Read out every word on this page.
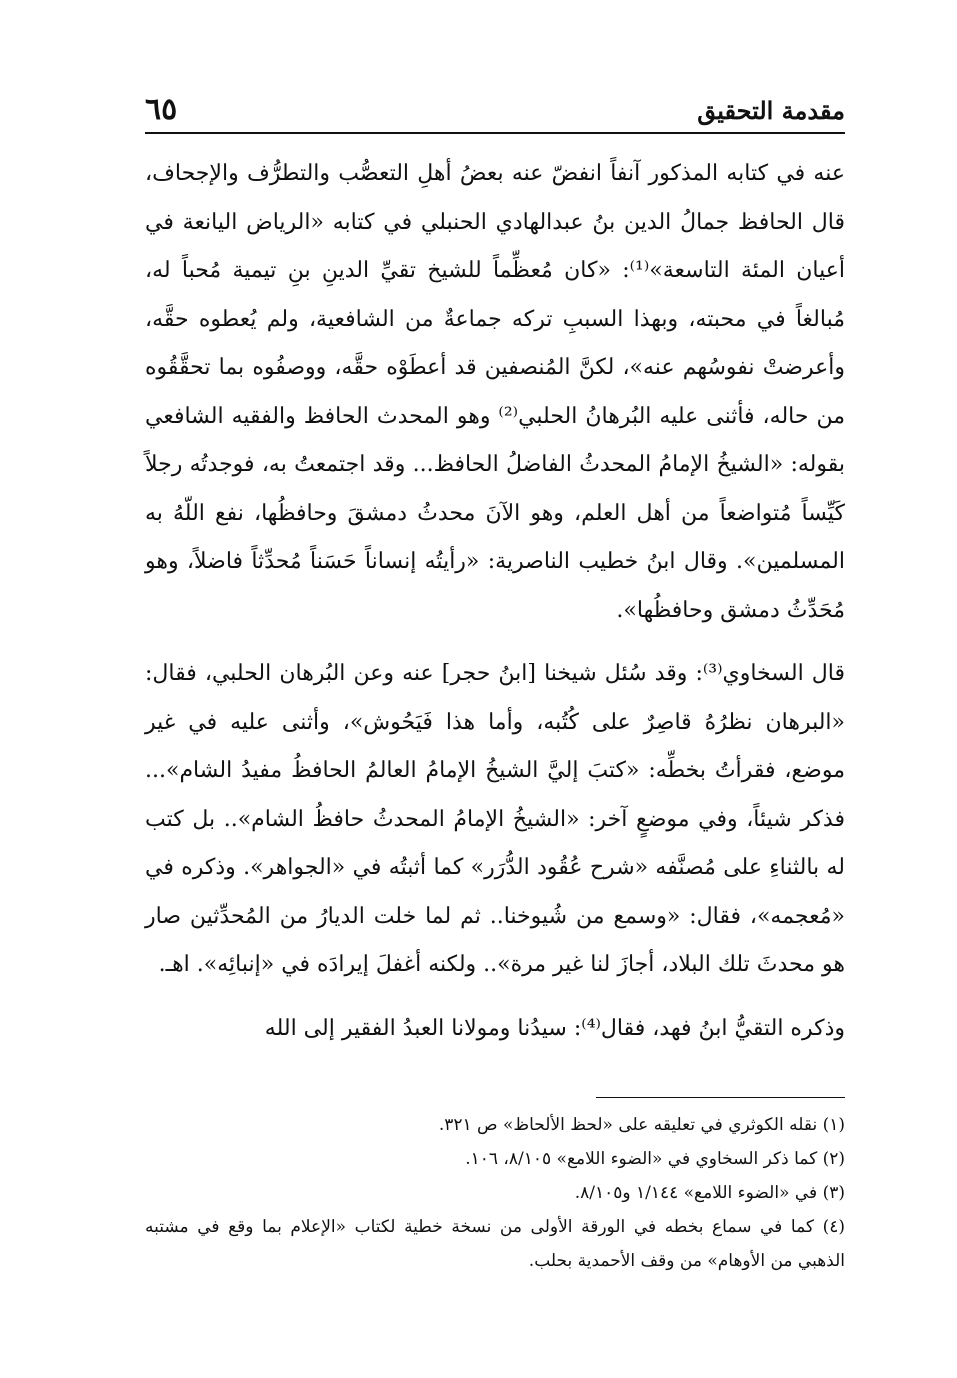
مقدمة التحقيق
٦٥

عنه في كتابه المذكور آنفاً انفضّ عنه بعضُ أهلِ التعصُّب والتطرُّف والإجحاف، قال الحافظ جمالُ الدين بنُ عبدالهادي الحنبلي في كتابه «الرياض اليانعة في أعيان المئة التاسعة»⁽¹⁾: «كان مُعظِّماً للشيخ تقيِّ الدينِ بنِ تيمية مُحباً له، مُبالغاً في محبته، وبهذا السببِ تركه جماعةٌ من الشافعية، ولم يُعطوه حقَّه، وأعرضتْ نفوسُهم عنه»، لكنَّ المُنصفين قد أعطَوْه حقَّه، ووصفُوه بما تحقَّقُوه من حاله، فأثنى عليه البُرهانُ الحلبي⁽²⁾ وهو المحدث الحافظ والفقيه الشافعي بقوله: «الشيخُ الإمامُ المحدثُ الفاضلُ الحافظ... وقد اجتمعتُ به، فوجدتُه رجلاً كَيِّساً مُتواضعاً من أهل العلم، وهو الآنَ محدثُ دمشقَ وحافظُها، نفع اللّهُ به المسلمين». وقال ابنُ خطيب الناصرية: «رأيتُه إنساناً حَسَناً مُحدِّثاً فاضلاً، وهو مُحَدِّثُ دمشق وحافظُها».

قال السخاوي⁽³⁾: وقد سُئل شيخنا [ابنُ حجر] عنه وعن البُرهان الحلبي، فقال: «البرهان نظرُهُ قاصِرٌ على كُتُبه، وأما هذا فَيَحُوش»، وأثنى عليه في غير موضع، فقرأتُ بخطِّه: «كتبَ إليَّ الشيخُ الإمامُ العالمُ الحافظُ مفيدُ الشام»... فذكر شيئاً، وفي موضعٍ آخر: «الشيخُ الإمامُ المحدثُ حافظُ الشام».. بل كتب له بالثناءِ على مُصنَّفه «شرح عُقُود الدُّرَر» كما أثبتُه في «الجواهر». وذكره في «مُعجمه»، فقال: «وسمع من شُيوخنا.. ثم لما خلت الديارُ من المُحدِّثين صار هو محدثَ تلك البلاد، أجازَ لنا غير مرة».. ولكنه أغفلَ إيرادَه في «إنبائِه». اهـ.

وذكره التقيُّ ابنُ فهد، فقال⁽⁴⁾: سيدُنا ومولانا العبدُ الفقير إلى الله

(١) نقله الكوثري في تعليقه على «لحظ الألحاظ» ص ٣٢١.

(٢) كما ذكر السخاوي في «الضوء اللامع» ٨/١٠٥، ١٠٦.

(٣) في «الضوء اللامع» ١/١٤٤ و٨/١٠٥.

(٤) كما في سماع بخطه في الورقة الأولى من نسخة خطية لكتاب «الإعلام بما وقع في مشتبه الذهبي من الأوهام» من وقف الأحمدية بحلب.
